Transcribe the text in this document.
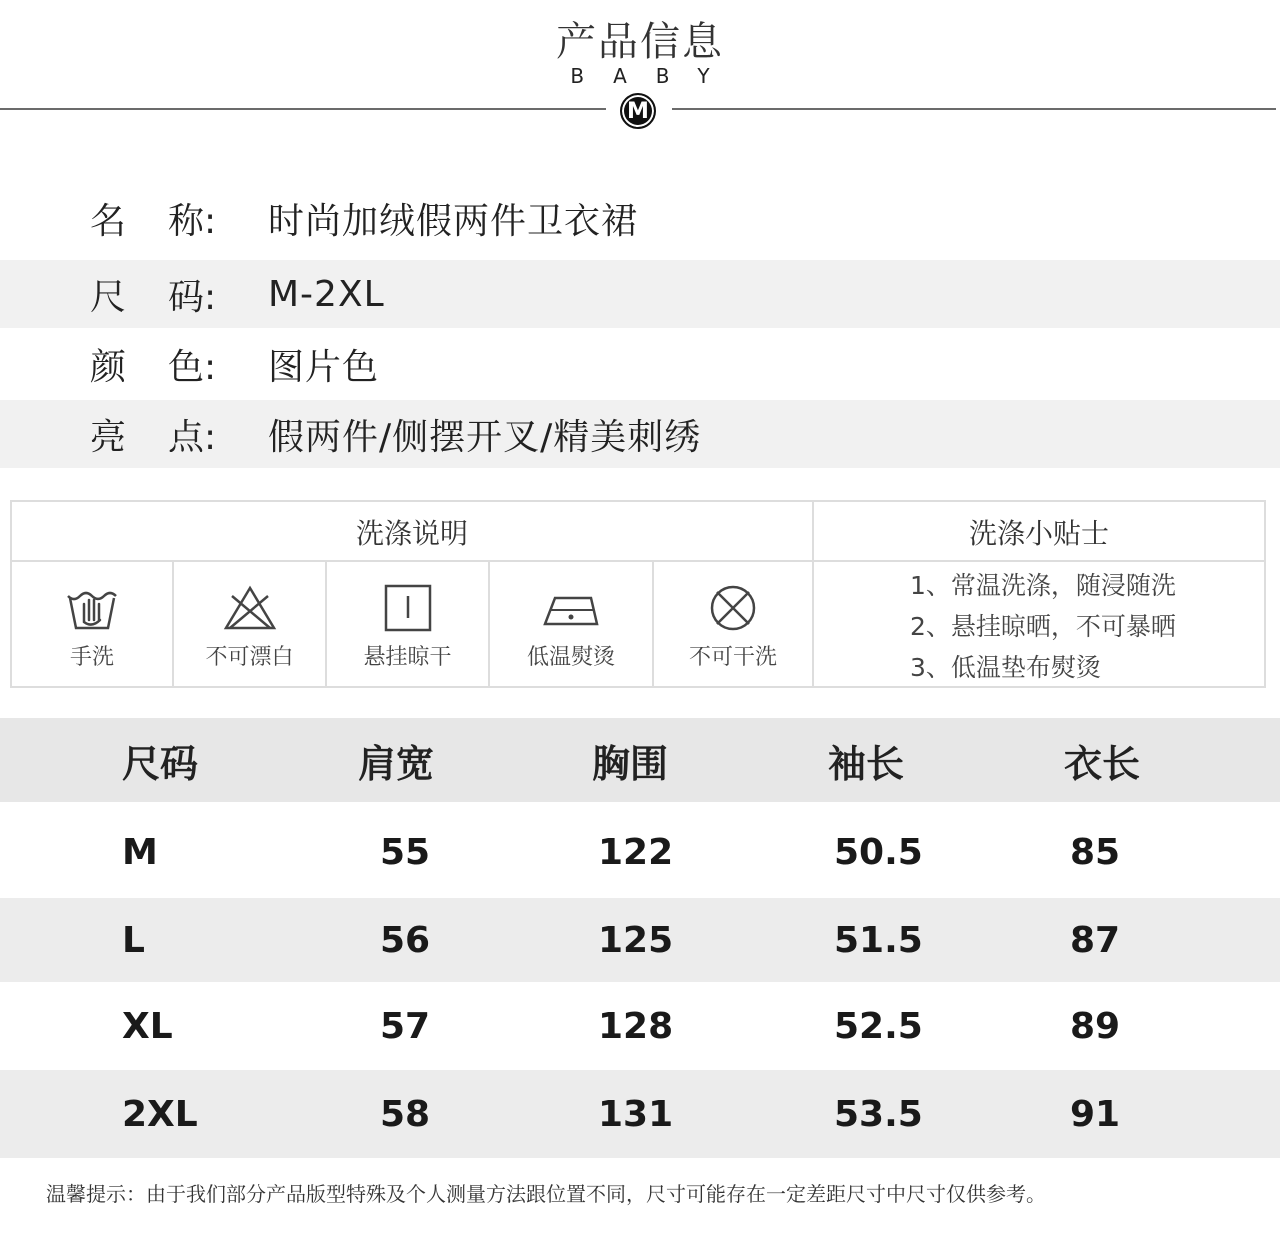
产品信息
BABY
M
名	称: 时尚加绒假两件卫衣裙
尺	码: M-2XL
颜	色: 图片色
亮	点: 假两件/侧摆开叉/精美刺绣
洗涤说明	洗涤小贴士
手洗	不可漂白	悬挂晾干	低温熨烫	不可干洗
1、常温洗涤，随浸随洗
2、悬挂晾晒，不可暴晒
3、低温垫布熨烫
尺码	肩宽	胸围	袖长	衣长
M	55	122	50.5	85
L	56	125	51.5	87
XL	57	128	52.5	89
2XL	58	131	53.5	91
温馨提示：由于我们部分产品版型特殊及个人测量方法跟位置不同，尺寸可能存在一定差距尺寸中尺寸仅供参考。
